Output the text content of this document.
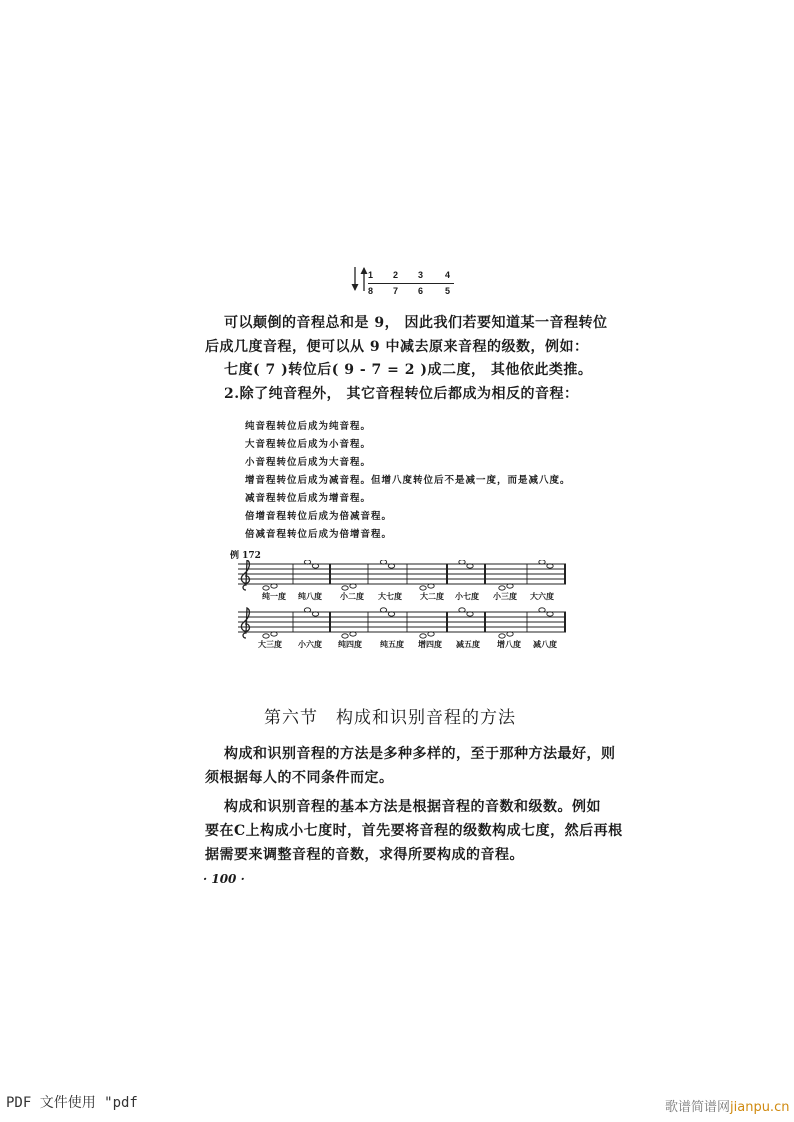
1 2 3 4
8 7 6 5

可以颠倒的音程总和是 9， 因此我们若要知道某一音程转位

后成几度音程，便可以从 9 中减去原来音程的级数，例如：

七度( 7 )转位后( 9 - 7 = 2 )成二度， 其他依此类推。

2.除了纯音程外， 其它音程转位后都成为相反的音程：

纯音程转位后成为纯音程。
大音程转位后成为小音程。
小音程转位后成为大音程。
增音程转位后成为减音程。但增八度转位后不是减一度，而是减八度。
减音程转位后成为增音程。
倍增音程转位后成为倍减音程。
倍减音程转位后成为倍增音程。
例 172
纯一度 纯八度 小二度 大七度 大二度 小七度 小三度 大六度
大三度 小六度 纯四度 纯五度 增四度 减五度 增八度 减八度
第六节　构成和识别音程的方法

构成和识别音程的方法是多种多样的，至于那种方法最好，则

须根据每人的不同条件而定。

构成和识别音程的基本方法是根据音程的音数和级数。例如

要在C上构成小七度时，首先要将音程的级数构成七度，然后再根

据需要来调整音程的音数，求得所要构成的音程。

· 100 ·
PDF 文件使用 "pdf	歌谱简谱网jianpu.cn
